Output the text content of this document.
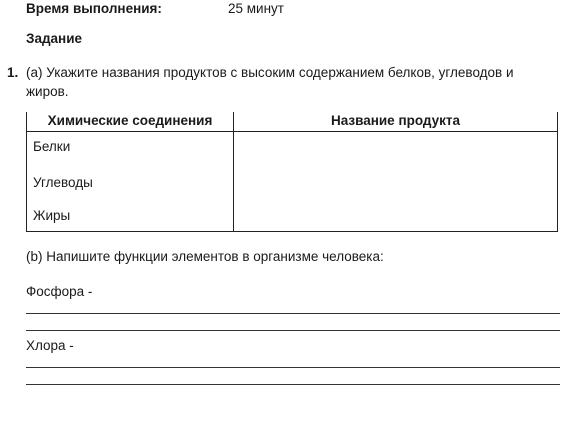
Время выполнения:	25 минут
Задание
1. (a) Укажите названия продуктов с высоким содержанием белков, углеводов и
жиров.
Химические соединения	Название продукта
Белки	
Углеводы	
Жиры	
(b) Напишите функции элементов в организме человека:
Фосфора -
Хлора -
